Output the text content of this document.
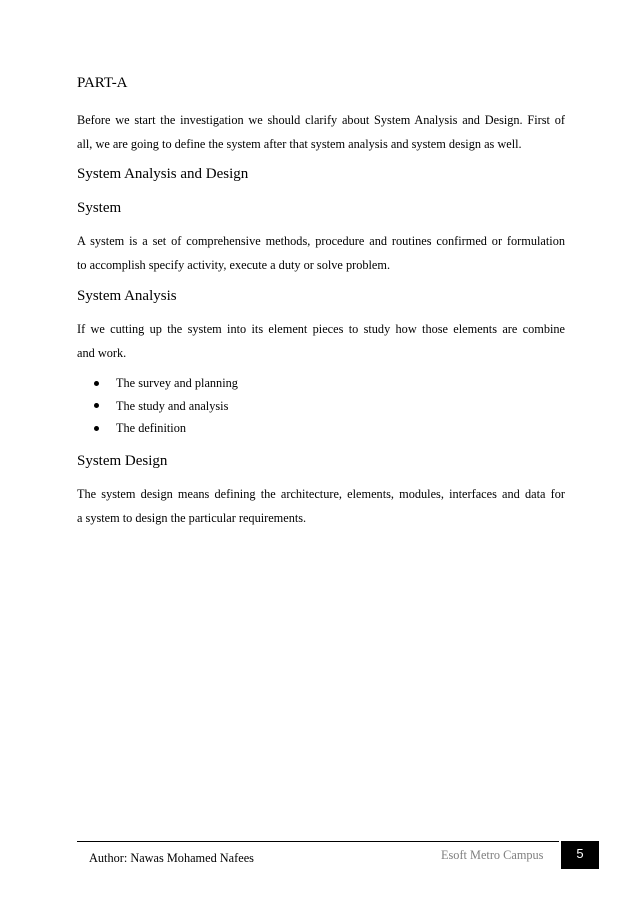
PART-A
Before we start the investigation we should clarify about System Analysis and Design. First of
all, we are going to define the system after that system analysis and system design as well.
System Analysis and Design
System
A system is a set of comprehensive methods, procedure and routines confirmed or formulation
to accomplish specify activity, execute a duty or solve problem.
System Analysis
If we cutting up the system into its element pieces to study how those elements are combine
and work.
The survey and planning
The study and analysis
The definition
System Design
The system design means defining the architecture, elements, modules, interfaces and data for
a system to design the particular requirements.
Author: Nawas Mohamed Nafees	Esoft Metro Campus	5
